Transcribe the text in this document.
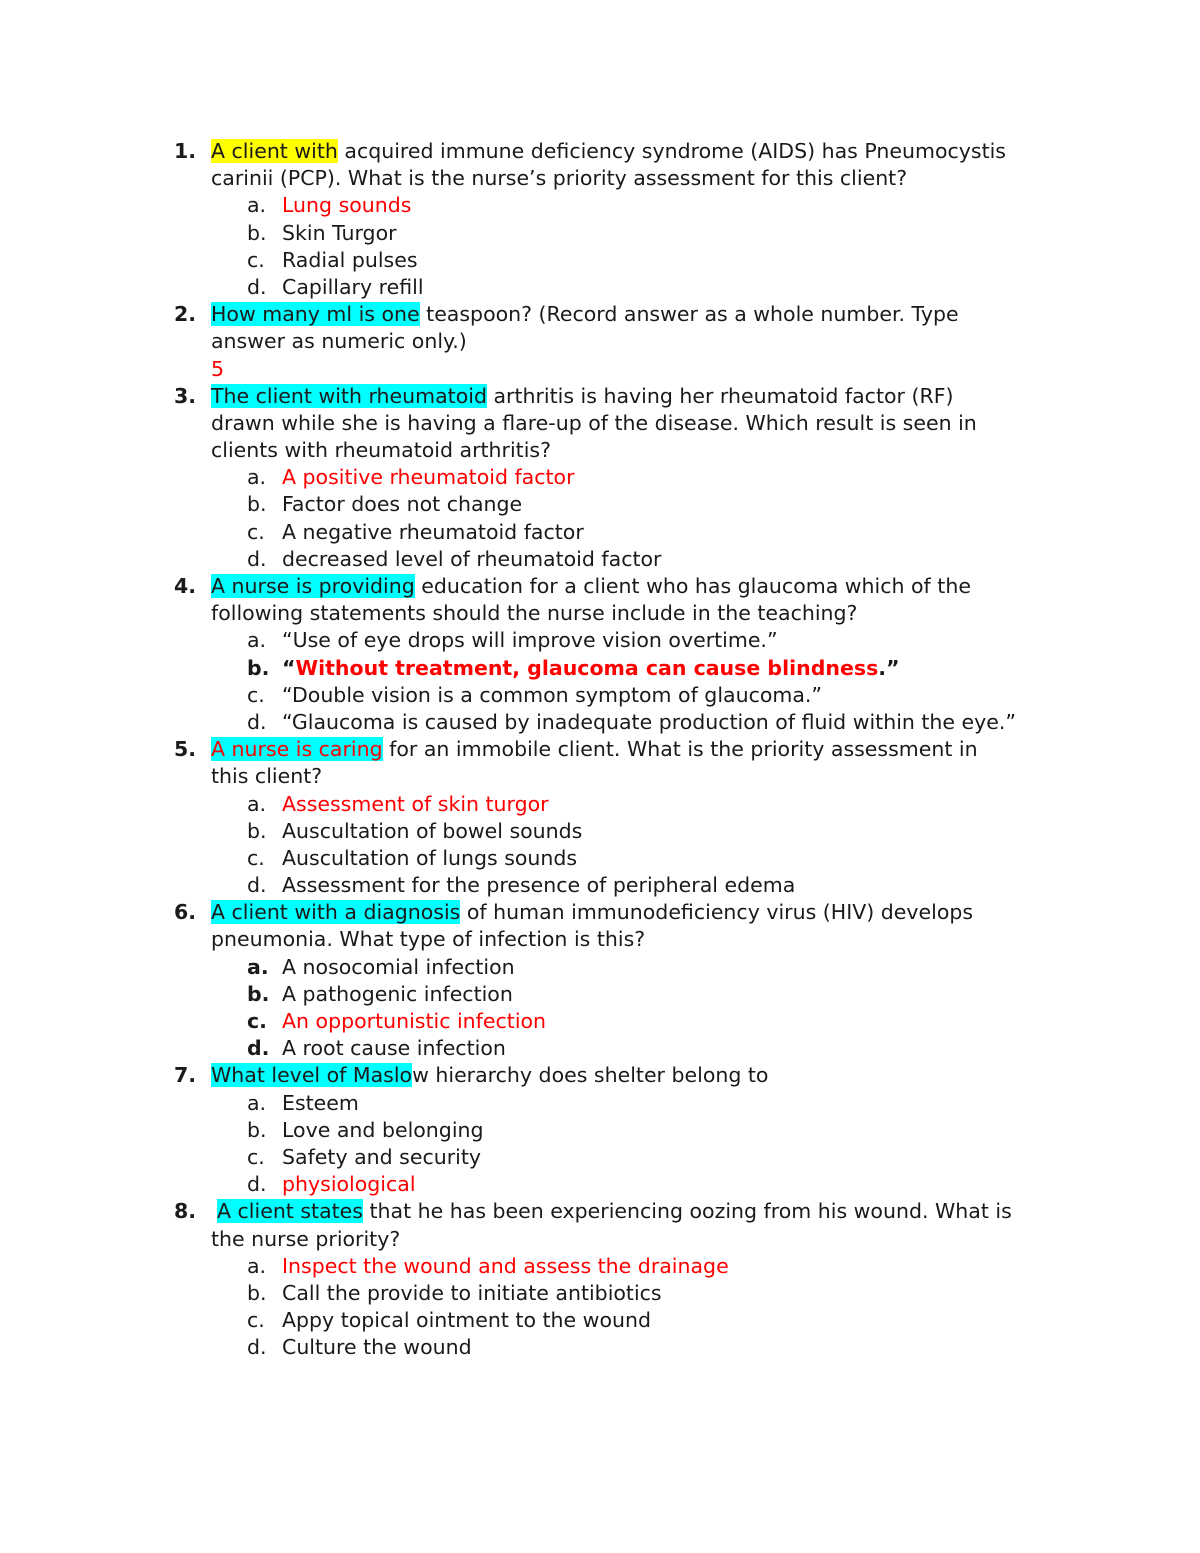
1. A client with acquired immune deficiency syndrome (AIDS) has Pneumocystis
carinii (PCP). What is the nurse’s priority assessment for this client?
a. Lung sounds
b. Skin Turgor
c. Radial pulses
d. Capillary refill
2. How many ml is one teaspoon? (Record answer as a whole number. Type
answer as numeric only.)
5
3. The client with rheumatoid arthritis is having her rheumatoid factor (RF)
drawn while she is having a flare-up of the disease. Which result is seen in
clients with rheumatoid arthritis?
a. A positive rheumatoid factor
b. Factor does not change
c. A negative rheumatoid factor
d. decreased level of rheumatoid factor
4. A nurse is providing education for a client who has glaucoma which of the
following statements should the nurse include in the teaching?
a. “Use of eye drops will improve vision overtime.”
b. “Without treatment, glaucoma can cause blindness.”
c. “Double vision is a common symptom of glaucoma.”
d. “Glaucoma is caused by inadequate production of fluid within the eye.”
5. A nurse is caring for an immobile client. What is the priority assessment in
this client?
a. Assessment of skin turgor
b. Auscultation of bowel sounds
c. Auscultation of lungs sounds
d. Assessment for the presence of peripheral edema
6. A client with a diagnosis of human immunodeficiency virus (HIV) develops
pneumonia. What type of infection is this?
a. A nosocomial infection
b. A pathogenic infection
c. An opportunistic infection
d. A root cause infection
7. What level of Maslow hierarchy does shelter belong to
a. Esteem
b. Love and belonging
c. Safety and security
d. physiological
8. A client states that he has been experiencing oozing from his wound. What is
the nurse priority?
a. Inspect the wound and assess the drainage
b. Call the provide to initiate antibiotics
c. Appy topical ointment to the wound
d. Culture the wound
